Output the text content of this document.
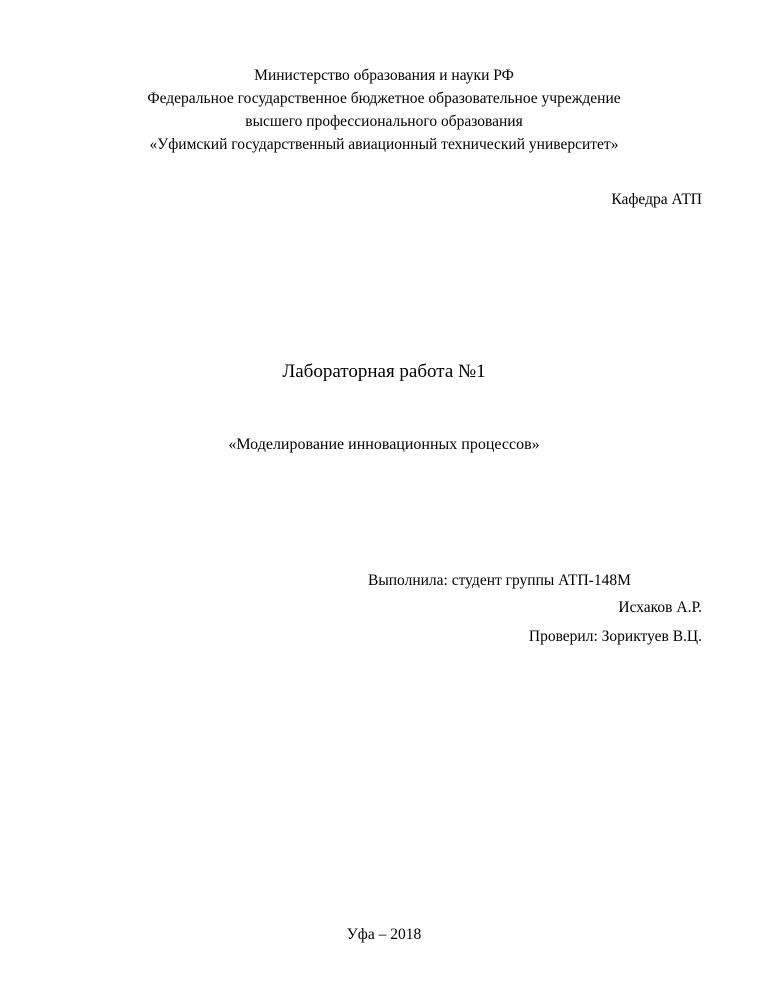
Министерство образования и науки РФ
Федеральное государственное бюджетное образовательное учреждение
высшего профессионального образования
«Уфимский государственный авиационный технический университет»
Кафедра АТП
Лабораторная работа №1
«Моделирование инновационных процессов»
Выполнила: студент группы АТП-148М
Исхаков А.Р.
Проверил: Зориктуев В.Ц.
Уфа – 2018
